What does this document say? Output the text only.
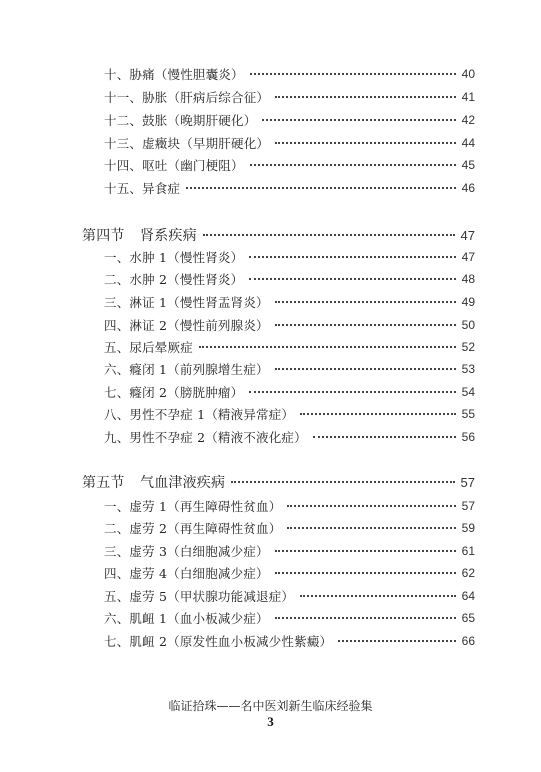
十、胁痛（慢性胆囊炎）	40
十一、胁胀（肝病后综合征）	41
十二、鼓胀（晚期肝硬化）	42
十三、虚癥块（早期肝硬化）	44
十四、呕吐（幽门梗阻）	45
十五、异食症	46
第四节 肾系疾病	47
一、水肿 1（慢性肾炎）	47
二、水肿 2（慢性肾炎）	48
三、淋证 1（慢性肾盂肾炎）	49
四、淋证 2（慢性前列腺炎）	50
五、尿后晕厥症	52
六、癃闭 1（前列腺增生症）	53
七、癃闭 2（膀胱肿瘤）	54
八、男性不孕症 1（精液异常症）	55
九、男性不孕症 2（精液不液化症）	56
第五节 气血津液疾病	57
一、虚劳 1（再生障碍性贫血）	57
二、虚劳 2（再生障碍性贫血）	59
三、虚劳 3（白细胞减少症）	61
四、虚劳 4（白细胞减少症）	62
五、虚劳 5（甲状腺功能减退症）	64
六、肌衄 1（血小板减少症）	65
七、肌衄 2（原发性血小板减少性紫癜）	66
临证拾珠——名中医刘新生临床经验集
3
